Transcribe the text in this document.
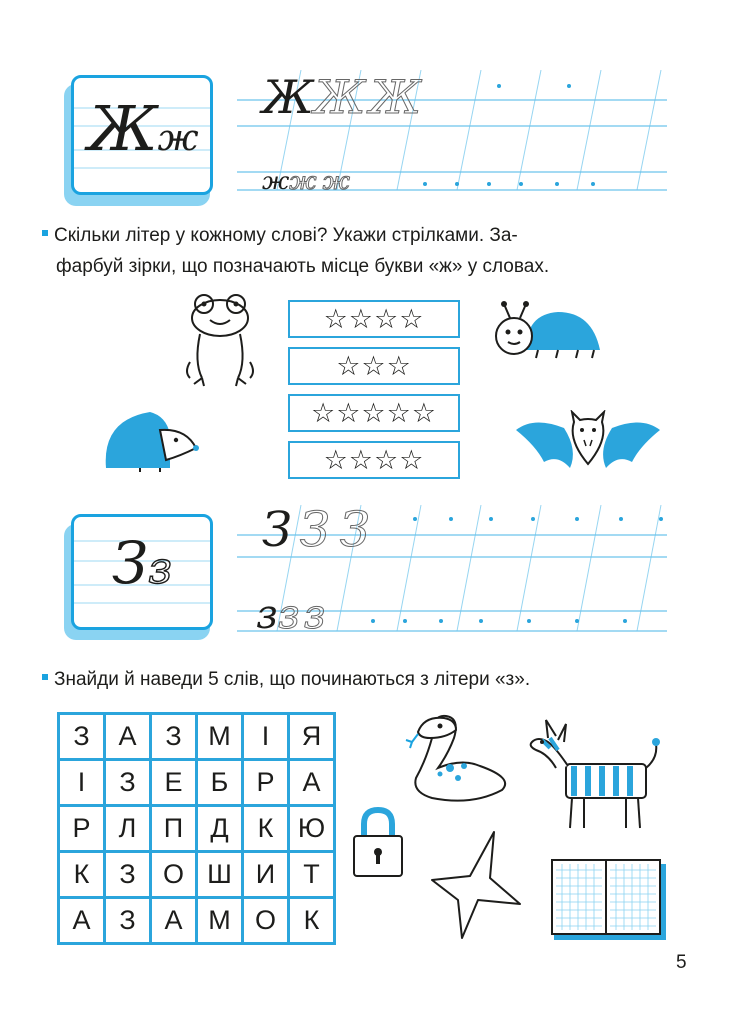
Жж
ЖЖЖ
жжж
Скільки літер у кожному слові? Укажи стрілками. За-
фарбуй зірки, що позначають місце букви «ж» у словах.
☆☆☆☆
☆☆☆
☆☆☆☆☆
☆☆☆☆
Зз
З ЗЗ
ззз
Знайди й наведи 5 слів, що починаються з літери «з».
З	А	З М	І	Я
І	З	Е	Б	Р	А
Р	Л	П	Д	К Ю
К	З	О Ш И	Т
А	З	А М О	К
5
